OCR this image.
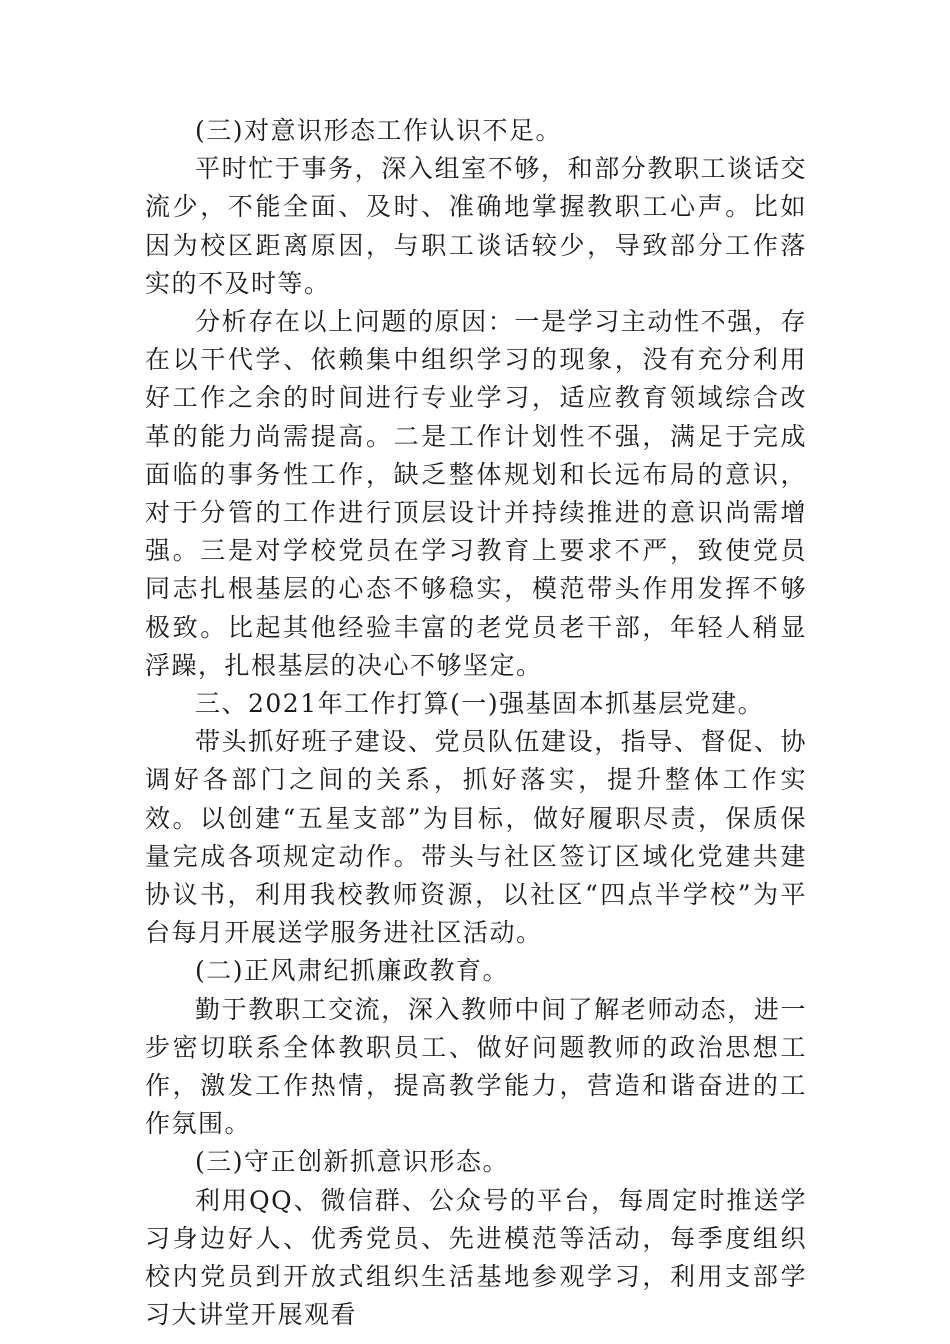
(三)对意识形态工作认识不足。

平时忙于事务，深入组室不够，和部分教职工谈话交流少，不能全面、及时、准确地掌握教职工心声。比如因为校区距离原因，与职工谈话较少，导致部分工作落实的不及时等。

分析存在以上问题的原因：一是学习主动性不强，存在以干代学、依赖集中组织学习的现象，没有充分利用好工作之余的时间进行专业学习，适应教育领域综合改革的能力尚需提高。二是工作计划性不强，满足于完成面临的事务性工作，缺乏整体规划和长远布局的意识，对于分管的工作进行顶层设计并持续推进的意识尚需增强。三是对学校党员在学习教育上要求不严，致使党员同志扎根基层的心态不够稳实，模范带头作用发挥不够极致。比起其他经验丰富的老党员老干部，年轻人稍显浮躁，扎根基层的决心不够坚定。

三、2021年工作打算(一)强基固本抓基层党建。

带头抓好班子建设、党员队伍建设，指导、督促、协调好各部门之间的关系，抓好落实，提升整体工作实效。以创建“五星支部”为目标，做好履职尽责，保质保量完成各项规定动作。带头与社区签订区域化党建共建协议书，利用我校教师资源，以社区“四点半学校”为平台每月开展送学服务进社区活动。

(二)正风肃纪抓廉政教育。

勤于教职工交流，深入教师中间了解老师动态，进一步密切联系全体教职员工、做好问题教师的政治思想工作，激发工作热情，提高教学能力，营造和谐奋进的工作氛围。

(三)守正创新抓意识形态。

利用QQ、微信群、公众号的平台，每周定时推送学习身边好人、优秀党员、先进模范等活动，每季度组织校内党员到开放式组织生活基地参观学习，利用支部学习大讲堂开展观看
